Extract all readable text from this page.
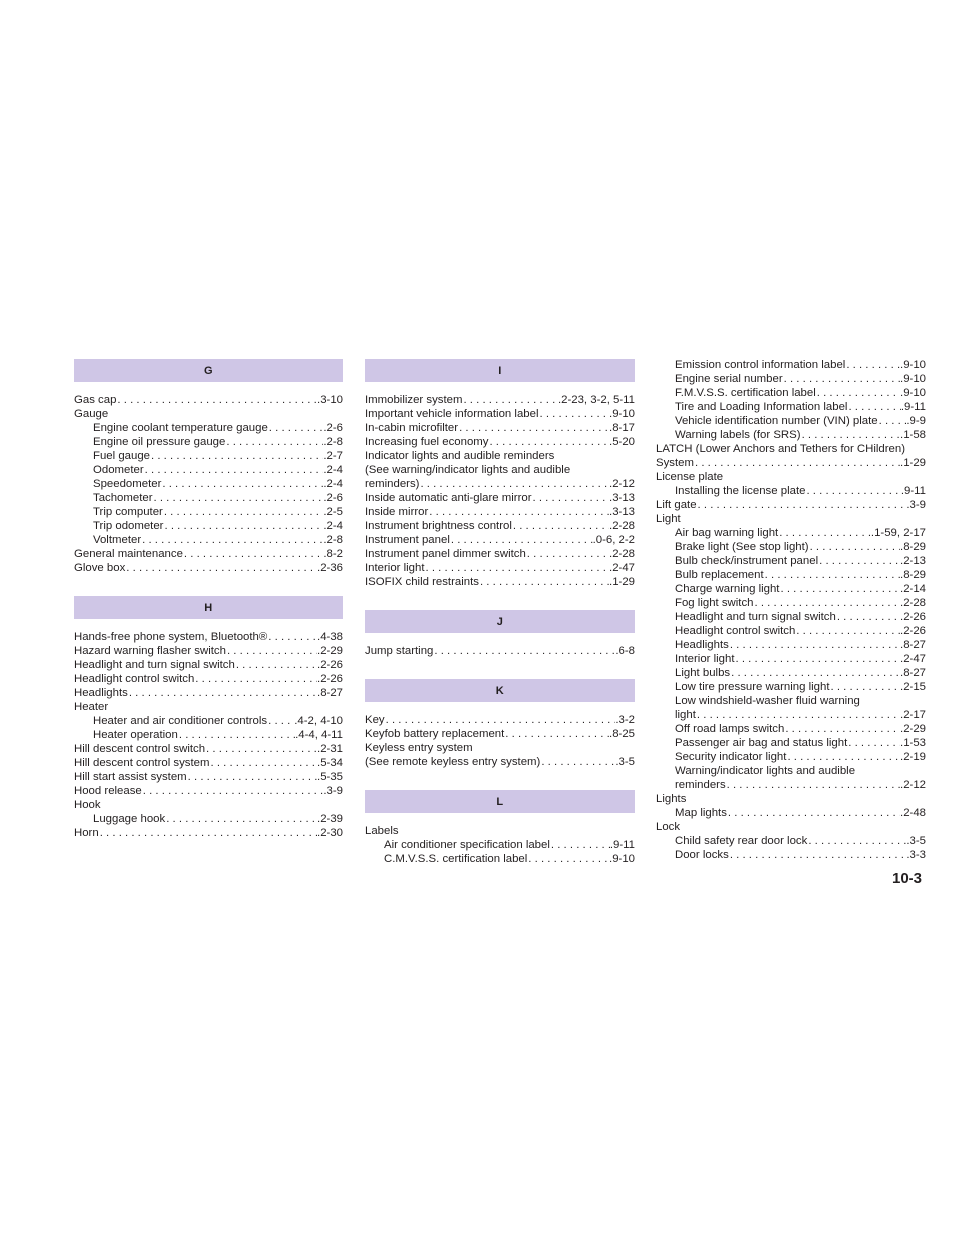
G
Gas cap . . .	.3-10
Gauge
Engine coolant temperature gauge . . .	.2-6
Engine oil pressure gauge . . .	.2-8
Fuel gauge . . .	.2-7
Odometer . . .	.2-4
Speedometer . . .	.2-4
Tachometer . . .	.2-6
Trip computer . . .	.2-5
Trip odometer . . .	.2-4
Voltmeter . . .	.2-8
General maintenance . . .	.8-2
Glove box . . .	.2-36
H
Hands-free phone system, Bluetooth® . . .	.4-38
Hazard warning flasher switch . . .	.2-29
Headlight and turn signal switch . . .	.2-26
Headlight control switch . . .	.2-26
Headlights . . .	.8-27
Heater
Heater and air conditioner controls . . . .4-2, 4-10
Heater operation . . .	.4-4, 4-11
Hill descent control switch . . .	.2-31
Hill descent control system . . .	.5-34
Hill start assist system . . .	.5-35
Hood release . . .	.3-9
Hook
Luggage hook . . .	.2-39
Horn . . .	.2-30
I
Immobilizer system . . .	.2-23, 3-2, 5-11
Important vehicle information label . . .	.9-10
In-cabin microfilter . . .	.8-17
Increasing fuel economy . . .	.5-20
Indicator lights and audible reminders
(See warning/indicator lights and audible
reminders) . . .	.2-12
Inside automatic anti-glare mirror . . .	.3-13
Inside mirror . . .	.3-13
Instrument brightness control . . .	.2-28
Instrument panel . . .	.0-6, 2-2
Instrument panel dimmer switch . . .	.2-28
Interior light . . .	.2-47
ISOFIX child restraints . . .	.1-29
J
Jump starting . . .	.6-8
K
Key . . .	.3-2
Keyfob battery replacement . . .	.8-25
Keyless entry system
(See remote keyless entry system) . . .	.3-5
L
Labels
Air conditioner specification label . . .	.9-11
C.M.V.S.S. certification label . . .	.9-10
Emission control information label . . .	.9-10
Engine serial number . . .	.9-10
F.M.V.S.S. certification label . . .	.9-10
Tire and Loading Information label . . .	.9-11
Vehicle identification number (VIN) plate . . .	.9-9
Warning labels (for SRS) . . .	.1-58
LATCH (Lower Anchors and Tethers for CHildren)
System . . .	.1-29
License plate
Installing the license plate . . .	.9-11
Lift gate . . .	.3-9
Light
Air bag warning light . . .	.1-59, 2-17
Brake light (See stop light) . . .	.8-29
Bulb check/instrument panel . . .	.2-13
Bulb replacement . . .	.8-29
Charge warning light . . .	.2-14
Fog light switch . . .	.2-28
Headlight and turn signal switch . . .	.2-26
Headlight control switch . . .	.2-26
Headlights . . .	.8-27
Interior light . . .	.2-47
Light bulbs . . .	.8-27
Low tire pressure warning light . . .	.2-15
Low windshield-washer fluid warning
light . . .	.2-17
Off road lamps switch . . .	.2-29
Passenger air bag and status light . . .	.1-53
Security indicator light . . .	.2-19
Warning/indicator lights and audible
reminders . . .	.2-12
Lights
Map lights . . .	.2-48
Lock
Child safety rear door lock . . .	.3-5
Door locks . . .	.3-3
10-3
